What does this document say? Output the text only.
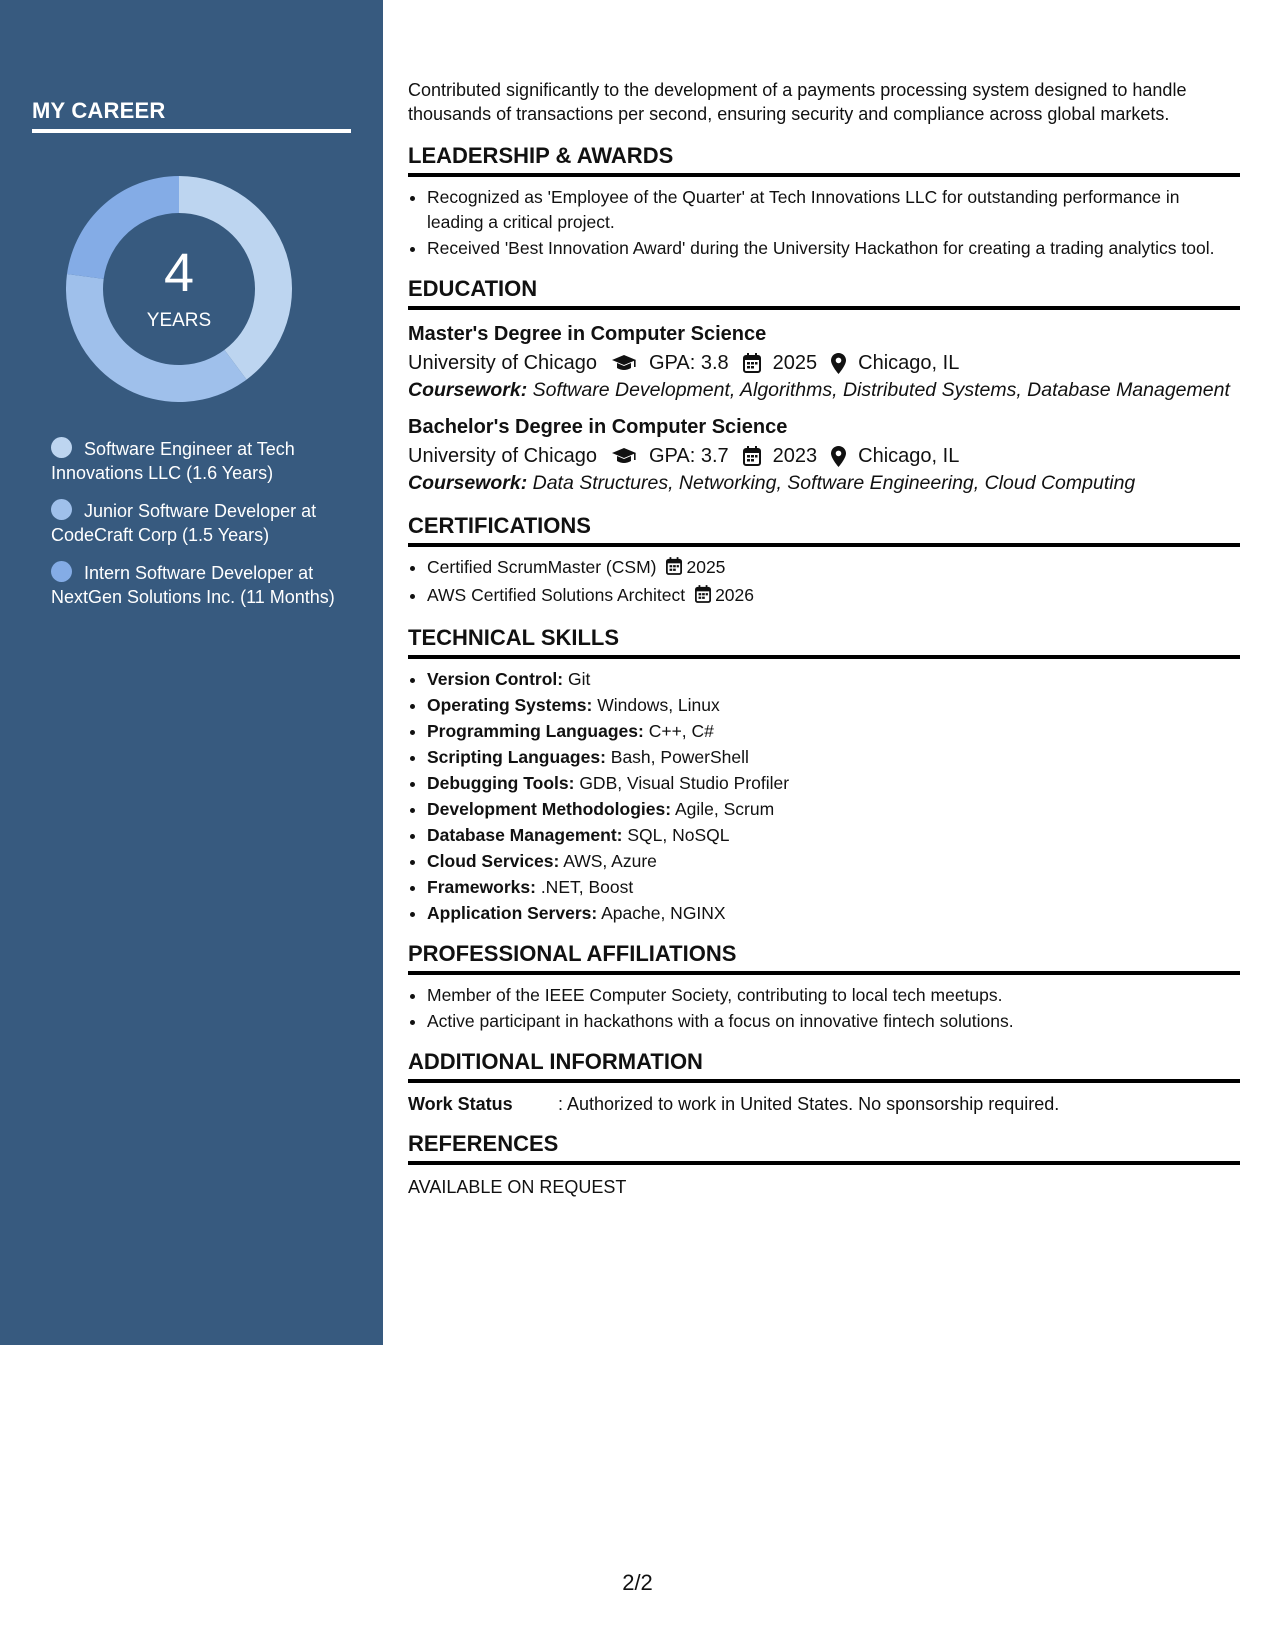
MY CAREER
4
YEARS
Software Engineer at Tech Innovations LLC (1.6 Years)
Junior Software Developer at CodeCraft Corp (1.5 Years)
Intern Software Developer at NextGen Solutions Inc. (11 Months)

Contributed significantly to the development of a payments processing system designed to handle thousands of transactions per second, ensuring security and compliance across global markets.

LEADERSHIP & AWARDS
• Recognized as 'Employee of the Quarter' at Tech Innovations LLC for outstanding performance in leading a critical project.
• Received 'Best Innovation Award' during the University Hackathon for creating a trading analytics tool.
EDUCATION
Master's Degree in Computer Science
University of Chicago	GPA: 3.8 2025 Chicago, IL
Coursework: Software Development, Algorithms, Distributed Systems, Database Management
Bachelor's Degree in Computer Science
University of Chicago	GPA: 3.7 2023 Chicago, IL
Coursework: Data Structures, Networking, Software Engineering, Cloud Computing
CERTIFICATIONS
• Certified ScrumMaster (CSM) 2025
• AWS Certified Solutions Architect 2026
TECHNICAL SKILLS
• Version Control: Git
• Operating Systems: Windows, Linux
• Programming Languages: C++, C#
• Scripting Languages: Bash, PowerShell
• Debugging Tools: GDB, Visual Studio Profiler
• Development Methodologies: Agile, Scrum
• Database Management: SQL, NoSQL
• Cloud Services: AWS, Azure
• Frameworks: .NET, Boost
• Application Servers: Apache, NGINX
PROFESSIONAL AFFILIATIONS
• Member of the IEEE Computer Society, contributing to local tech meetups.
• Active participant in hackathons with a focus on innovative fintech solutions.
ADDITIONAL INFORMATION
Work Status	: Authorized to work in United States. No sponsorship required.
REFERENCES

AVAILABLE ON REQUEST

2/2
